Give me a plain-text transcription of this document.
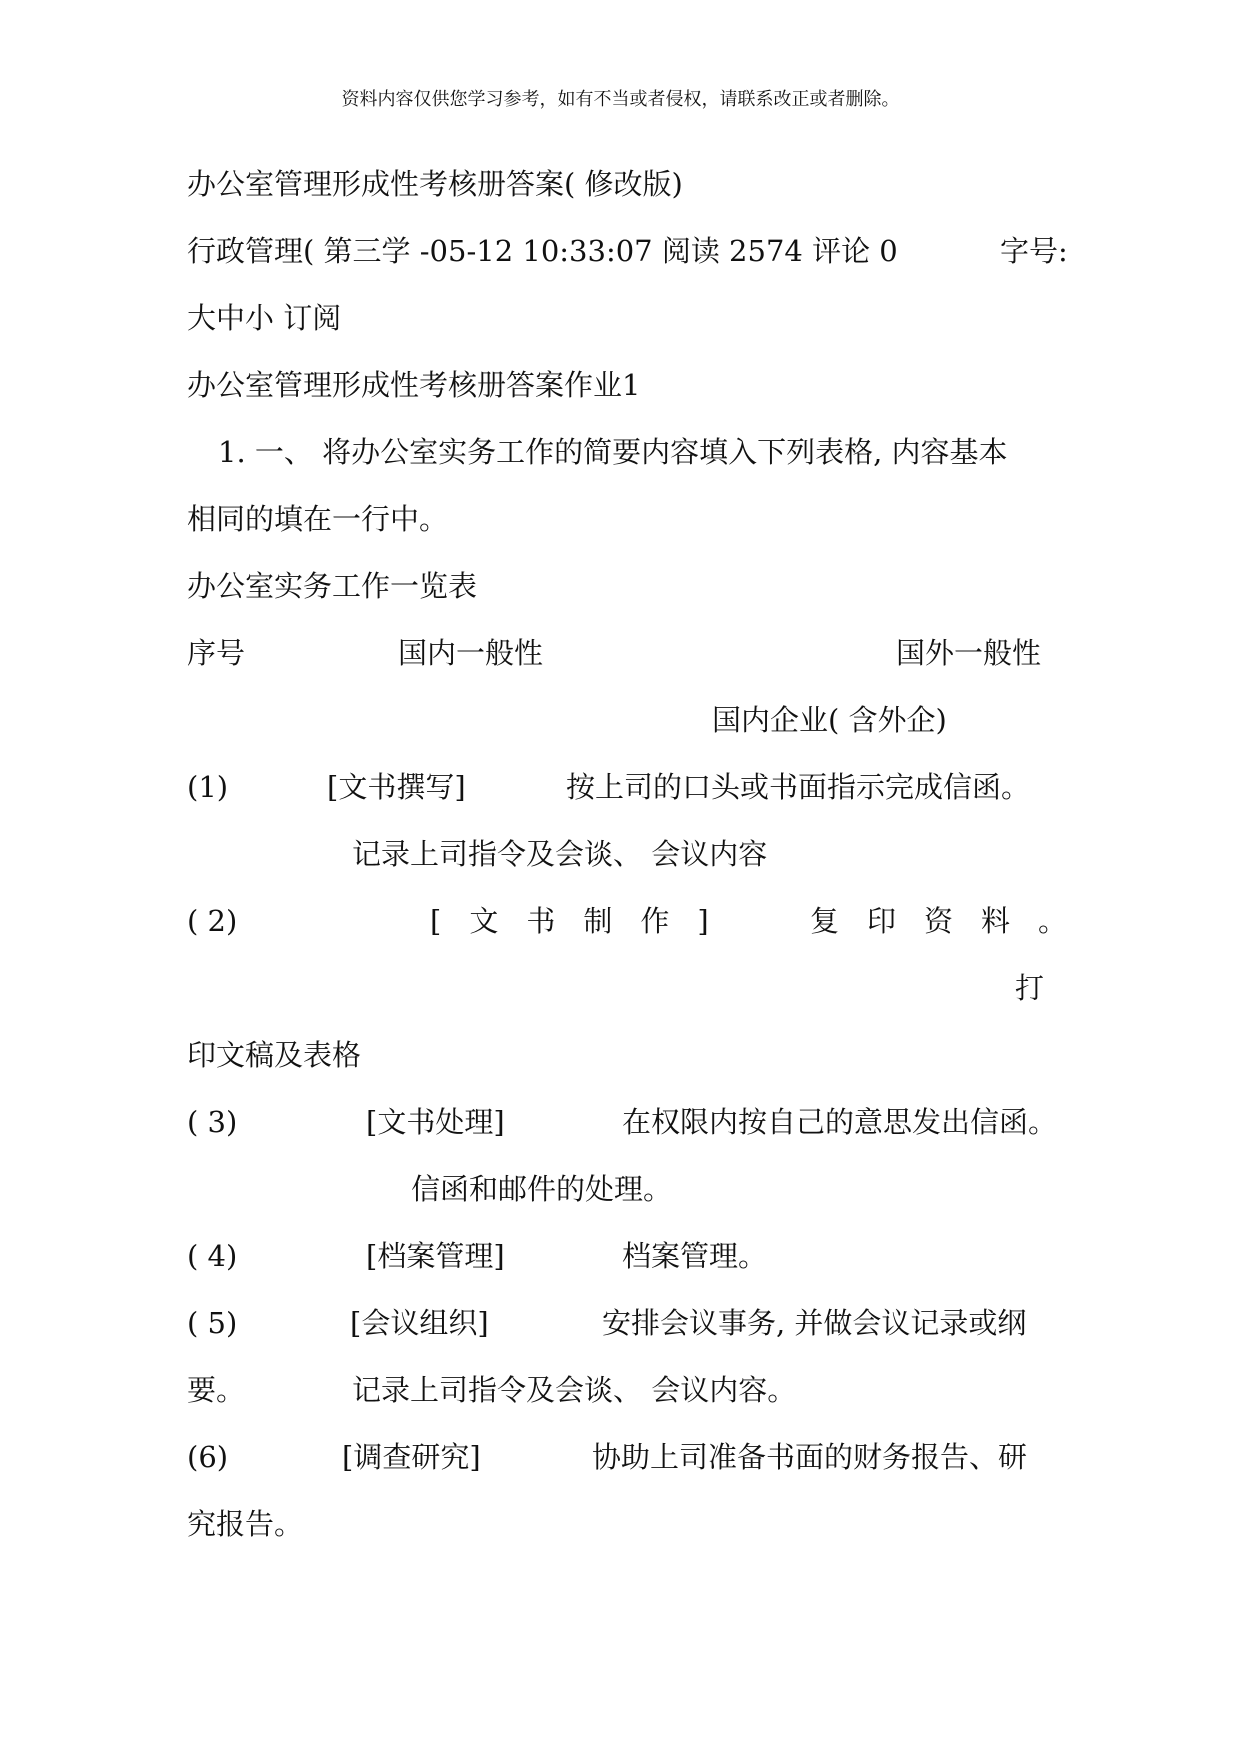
资料内容仅供您学习参考，如有不当或者侵权，请联系改正或者删除。
办公室管理形成性考核册答案( 修改版)
行政管理( 第三学 -05-12 10:33:07 阅读 2574 评论 0	字号:
大中小 订阅
办公室管理形成性考核册答案作业1
1. 一、 将办公室实务工作的简要内容填入下列表格, 内容基本
相同的填在一行中。
办公室实务工作一览表
序号	国内一般性	国外一般性
国内企业( 含外企)
(1)	[文书撰写]	按上司的口头或书面指示完成信函。
记录上司指令及会谈、 会议内容
( 2)	[文书制作]	复印资料。
打
印文稿及表格
( 3)	[文书处理]	在权限内按自己的意思发出信函。
信函和邮件的处理。
( 4)	[档案管理]	档案管理。
( 5)	[会议组织]	安排会议事务, 并做会议记录或纲
要。	记录上司指令及会谈、 会议内容。
(6)	[调查研究]	协助上司准备书面的财务报告、研
究报告。
